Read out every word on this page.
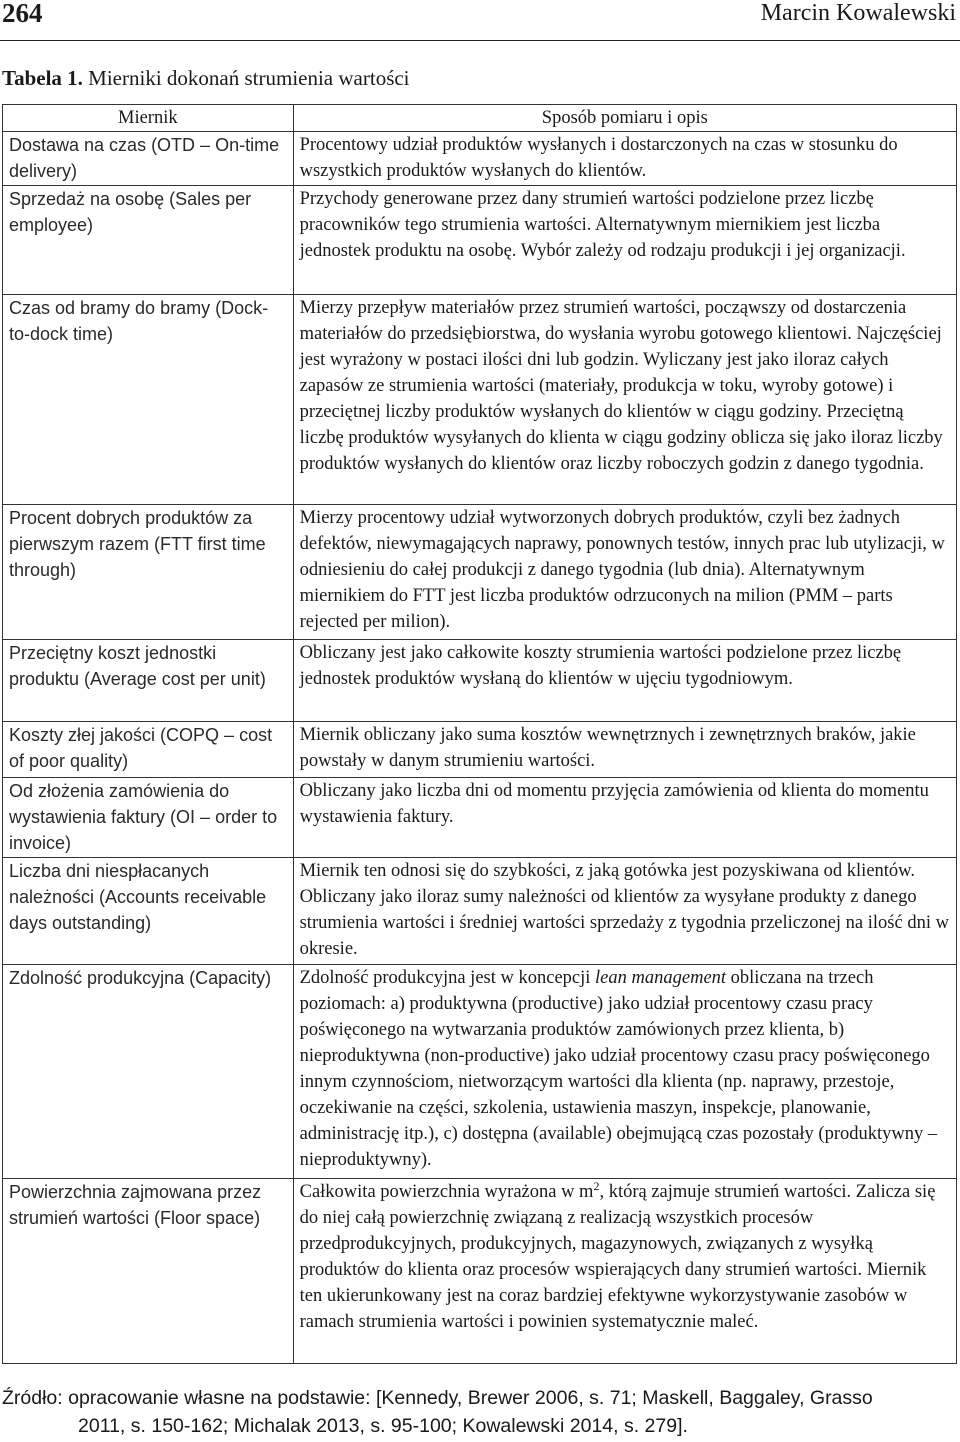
264	Marcin Kowalewski
Tabela 1. Mierniki dokonań strumienia wartości
Miernik	Sposób pomiaru i opis
Dostawa na czas (OTD – On-time delivery)	Procentowy udział produktów wysłanych i dostarczonych na czas w stosunku do wszystkich produktów wysłanych do klientów.
Sprzedaż na osobę (Sales per employee)	Przychody generowane przez dany strumień wartości podzielone przez liczbę pracowników tego strumienia wartości. Alternatywnym miernikiem jest liczba jednostek produktu na osobę. Wybór zależy od rodzaju produkcji i jej organizacji.
Czas od bramy do bramy (Dock-to-dock time)	Mierzy przepływ materiałów przez strumień wartości, począwszy od dostarczenia materiałów do przedsiębiorstwa, do wysłania wyrobu gotowego klientowi. Najczęściej jest wyrażony w postaci ilości dni lub godzin. Wyliczany jest jako iloraz całych zapasów ze strumienia wartości (materiały, produkcja w toku, wyroby gotowe) i przeciętnej liczby produktów wysłanych do klientów w ciągu godziny. Przeciętną liczbę produktów wysyłanych do klienta w ciągu godziny oblicza się jako iloraz liczby produktów wysłanych do klientów oraz liczby roboczych godzin z danego tygodnia.
Procent dobrych produktów za pierwszym razem (FTT first time through)	Mierzy procentowy udział wytworzonych dobrych produktów, czyli bez żadnych defektów, niewymagających naprawy, ponownych testów, innych prac lub utylizacji, w odniesieniu do całej produkcji z danego tygodnia (lub dnia). Alternatywnym miernikiem do FTT jest liczba produktów odrzuconych na milion (PMM – parts rejected per milion).
Przeciętny koszt jednostki produktu (Average cost per unit)	Obliczany jest jako całkowite koszty strumienia wartości podzielone przez liczbę jednostek produktów wysłaną do klientów w ujęciu tygodniowym.
Koszty złej jakości (COPQ – cost of poor quality)	Miernik obliczany jako suma kosztów wewnętrznych i zewnętrznych braków, jakie powstały w danym strumieniu wartości.
Od złożenia zamówienia do wystawienia faktury (OI – order to invoice)	Obliczany jako liczba dni od momentu przyjęcia zamówienia od klienta do momentu wystawienia faktury.
Liczba dni niespłacanych należności (Accounts receivable days outstanding)	Miernik ten odnosi się do szybkości, z jaką gotówka jest pozyskiwana od klientów. Obliczany jako iloraz sumy należności od klientów za wysyłane produkty z danego strumienia wartości i średniej wartości sprzedaży z tygodnia przeliczonej na ilość dni w okresie.
Zdolność produkcyjna (Capacity)	Zdolność produkcyjna jest w koncepcji lean management obliczana na trzech poziomach: a) produktywna (productive) jako udział procentowy czasu pracy poświęconego na wytwarzania produktów zamówionych przez klienta, b) nieproduktywna (non-productive) jako udział procentowy czasu pracy poświęconego innym czynnościom, nietworzącym wartości dla klienta (np. naprawy, przestoje, oczekiwanie na części, szkolenia, ustawienia maszyn, inspekcje, planowanie, administrację itp.), c) dostępna (available) obejmującą czas pozostały (produktywny – nieproduktywny).
Powierzchnia zajmowana przez strumień wartości (Floor space)	Całkowita powierzchnia wyrażona w $m^2$, którą zajmuje strumień wartości. Zalicza się do niej całą powierzchnię związaną z realizacją wszystkich procesów przedprodukcyjnych, produkcyjnych, magazynowych, związanych z wysyłką produktów do klienta oraz procesów wspierających dany strumień wartości. Miernik ten ukierunkowany jest na coraz bardziej efektywne wykorzystywanie zasobów w ramach strumienia wartości i powinien systematycznie maleć.
Źródło: opracowanie własne na podstawie: [Kennedy, Brewer 2006, s. 71; Maskell, Baggaley, Grasso
2011, s. 150-162; Michalak 2013, s. 95-100; Kowalewski 2014, s. 279].
